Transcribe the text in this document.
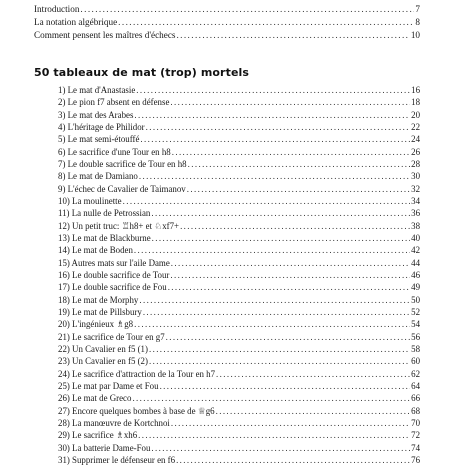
Introduction .....	7
La notation algébrique .....	8
Comment pensent les maîtres d'échecs .....	10
50 tableaux de mat (trop) mortels
1) Le mat d'Anastasie .....	16
2) Le pion f7 absent en défense .....	18
3) Le mat des Arabes .....	20
4) L'héritage de Philidor .....	22
5) Le mat semi-étouffé .....	24
6) Le sacrifice d'une Tour en h8 .....	26
7) Le double sacrifice de Tour en h8 .....	28
8) Le mat de Damiano .....	30
9) L'échec de Cavalier de Taimanov .....	32
10) La moulinette .....	34
11) La nulle de Petrossian .....	36
12) Un petit truc: ♖h8+ et ♘xf7+ .....	38
13) Le mat de Blackburne .....	40
14) Le mat de Boden .....	42
15) Autres mats sur l'aile Dame .....	44
16) Le double sacrifice de Tour .....	46
17) Le double sacrifice de Fou .....	49
18) Le mat de Morphy .....	50
19) Le mat de Pillsbury .....	52
20) L'ingénieux ♗g8 .....	54
21) Le sacrifice de Tour en g7 .....	56
22) Un Cavalier en f5 (1) .....	58
23) Un Cavalier en f5 (2) .....	60
24) Le sacrifice d'attraction de la Tour en h7 .....	62
25) Le mat par Dame et Fou .....	64
26) Le mat de Greco .....	66
27) Encore quelques bombes à base de ♕g6 .....	68
28) La manœuvre de Kortchnoi .....	70
29) Le sacrifice ♗xh6 .....	72
30) La batterie Dame-Fou .....	74
31) Supprimer le défenseur en f6 .....	76
